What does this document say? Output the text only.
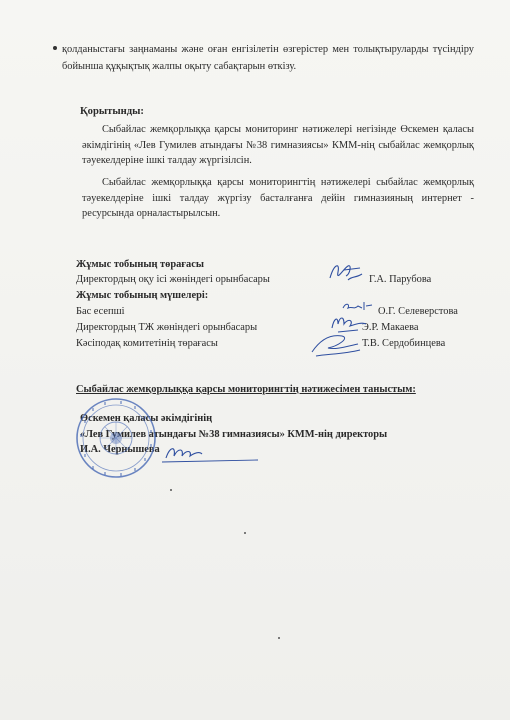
қолданыстағы заңнаманы және оған енгізілетін өзгерістер мен толықтыруларды түсіндіру бойынша құқықтық жалпы оқыту сабақтарын өткізу.

Қорытынды:

Сыбайлас жемқорлыққа қарсы мониторинг нәтижелері негізінде Өскемен қаласы әкімдігінің «Лев Гумилев атындағы №38 гимназиясы» КММ-нің сыбайлас жемқорлық тәуекелдеріне ішкі талдау жүргізілсін.

Сыбайлас жемқорлыққа қарсы мониторингтің нәтижелері сыбайлас жемқорлық тәуекелдеріне ішкі талдау жүргізу басталғанға дейін гимназияның интернет - ресурсында орналастырылсын.

Жұмыс тобының төрағасы
Директордың оқу ісі жөніндегі орынбасары	Г.А. Парубова
Жұмыс тобының мүшелері:
Бас есепші	О.Г. Селеверстова
Директордың ТЖ жөніндегі орынбасары	Э.Р. Макаева
Кәсіподақ комитетінің төрағасы	Т.В. Сердобинцева
Сыбайлас жемқорлыққа қарсы мониторингтің нәтижесімен таныстым:
Өскемен қаласы әкімдігінің
«Лев Гумилев атындағы №38 гимназиясы» КММ-нің директоры
И.А. Чернышева
